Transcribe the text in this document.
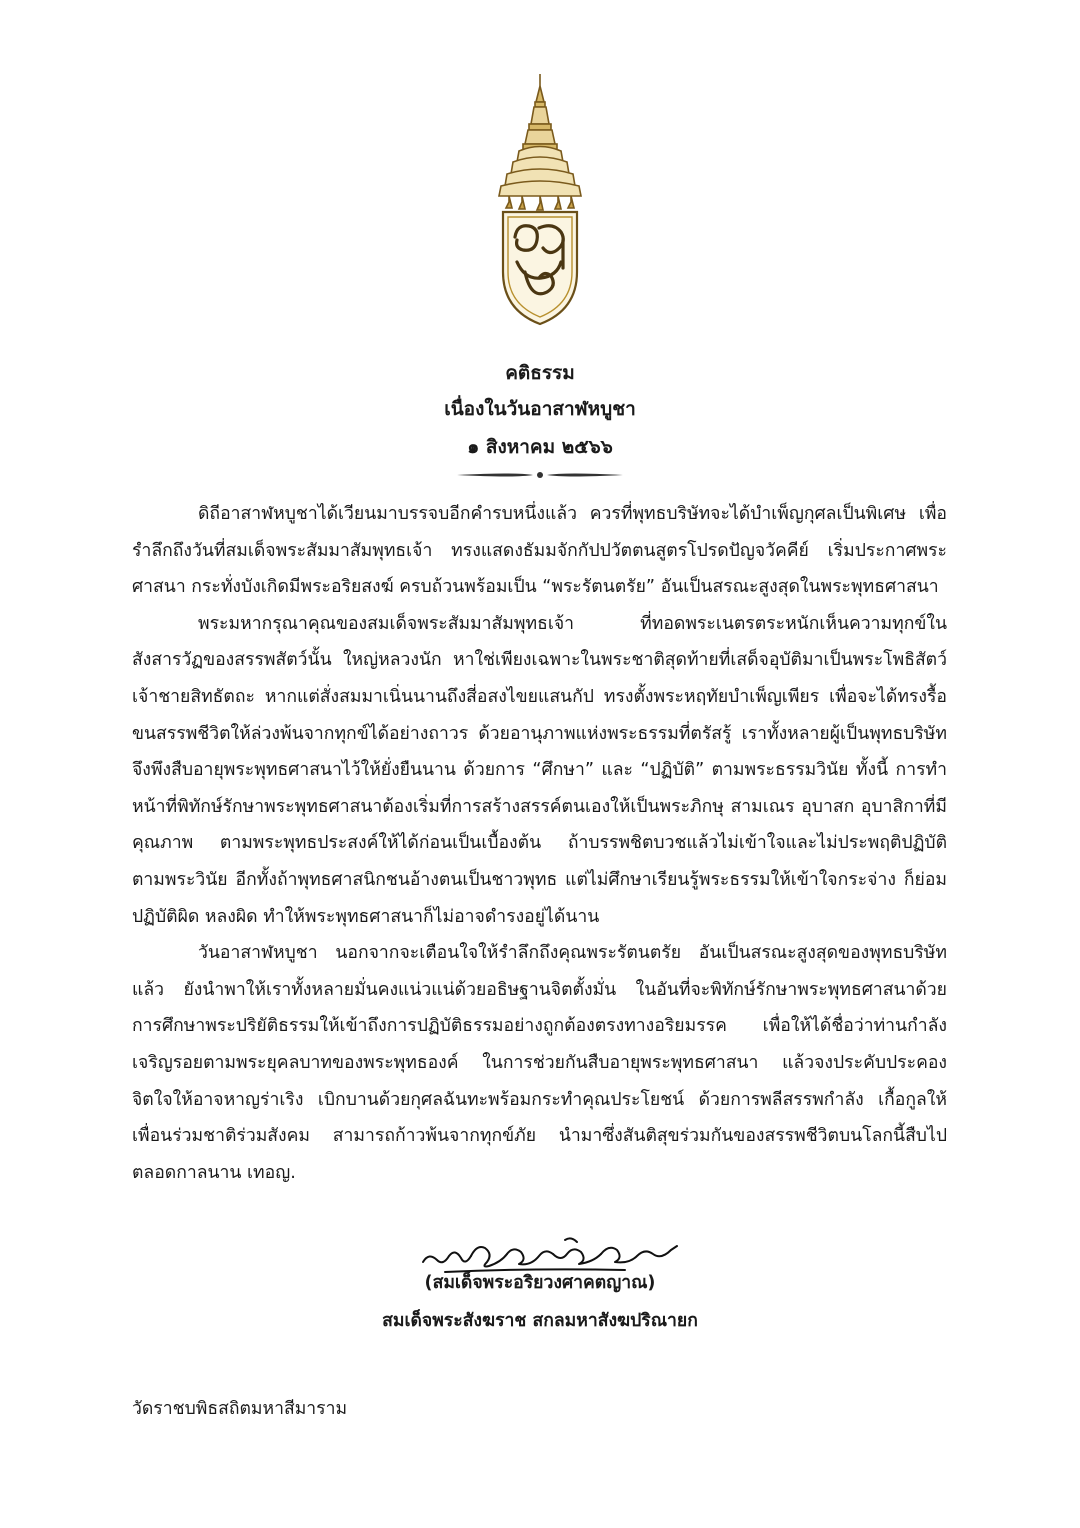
คติธรรม
เนื่องในวันอาสาฬหบูชา
๑ สิงหาคม ๒๕๖๖

ดิถีอาสาฬหบูชาได้เวียนมาบรรจบอีกคำรบหนึ่งแล้ว ควรที่พุทธบริษัทจะได้บำเพ็ญกุศลเป็นพิเศษ เพื่อรำลึกถึงวันที่สมเด็จพระสัมมาสัมพุทธเจ้า ทรงแสดงธัมมจักกัปปวัตตนสูตรโปรดปัญจวัคคีย์ เริ่มประกาศพระศาสนา กระทั่งบังเกิดมีพระอริยสงฆ์ ครบถ้วนพร้อมเป็น “พระรัตนตรัย” อันเป็นสรณะสูงสุดในพระพุทธศาสนา

พระมหากรุณาคุณของสมเด็จพระสัมมาสัมพุทธเจ้า ที่ทอดพระเนตรตระหนักเห็นความทุกข์ในสังสารวัฏของสรรพสัตว์นั้น ใหญ่หลวงนัก หาใช่เพียงเฉพาะในพระชาติสุดท้ายที่เสด็จอุบัติมาเป็นพระโพธิสัตว์เจ้าชายสิทธัตถะ หากแต่สั่งสมมาเนิ่นนานถึงสี่อสงไขยแสนกัป ทรงตั้งพระหฤทัยบำเพ็ญเพียร เพื่อจะได้ทรงรื้อขนสรรพชีวิตให้ล่วงพ้นจากทุกข์ได้อย่างถาวร ด้วยอานุภาพแห่งพระธรรมที่ตรัสรู้ เราทั้งหลายผู้เป็นพุทธบริษัท จึงพึงสืบอายุพระพุทธศาสนาไว้ให้ยั่งยืนนาน ด้วยการ “ศึกษา” และ “ปฏิบัติ” ตามพระธรรมวินัย ทั้งนี้ การทำหน้าที่พิทักษ์รักษาพระพุทธศาสนาต้องเริ่มที่การสร้างสรรค์ตนเองให้เป็นพระภิกษุ สามเณร อุบาสก อุบาสิกาที่มีคุณภาพ ตามพระพุทธประสงค์ให้ได้ก่อนเป็นเบื้องต้น ถ้าบรรพชิตบวชแล้วไม่เข้าใจและไม่ประพฤติปฏิบัติตามพระวินัย อีกทั้งถ้าพุทธศาสนิกชนอ้างตนเป็นชาวพุทธ แต่ไม่ศึกษาเรียนรู้พระธรรมให้เข้าใจกระจ่าง ก็ย่อมปฏิบัติผิด หลงผิด ทำให้พระพุทธศาสนาก็ไม่อาจดำรงอยู่ได้นาน

วันอาสาฬหบูชา นอกจากจะเตือนใจให้รำลึกถึงคุณพระรัตนตรัย อันเป็นสรณะสูงสุดของพุทธบริษัทแล้ว ยังนำพาให้เราทั้งหลายมั่นคงแน่วแน่ด้วยอธิษฐานจิตตั้งมั่น ในอันที่จะพิทักษ์รักษาพระพุทธศาสนาด้วยการศึกษาพระปริยัติธรรมให้เข้าถึงการปฏิบัติธรรมอย่างถูกต้องตรงทางอริยมรรค เพื่อให้ได้ชื่อว่าท่านกำลังเจริญรอยตามพระยุคลบาทของพระพุทธองค์ ในการช่วยกันสืบอายุพระพุทธศาสนา แล้วจงประคับประคองจิตใจให้อาจหาญร่าเริง เบิกบานด้วยกุศลฉันทะพร้อมกระทำคุณประโยชน์ ด้วยการพลีสรรพกำลัง เกื้อกูลให้เพื่อนร่วมชาติร่วมสังคม สามารถก้าวพ้นจากทุกข์ภัย นำมาซึ่งสันติสุขร่วมกันของสรรพชีวิตบนโลกนี้สืบไป ตลอดกาลนาน เทอญ.

(สมเด็จพระอริยวงศาคตญาณ)
สมเด็จพระสังฆราช สกลมหาสังฆปริณายก
วัดราชบพิธสถิตมหาสีมาราม
